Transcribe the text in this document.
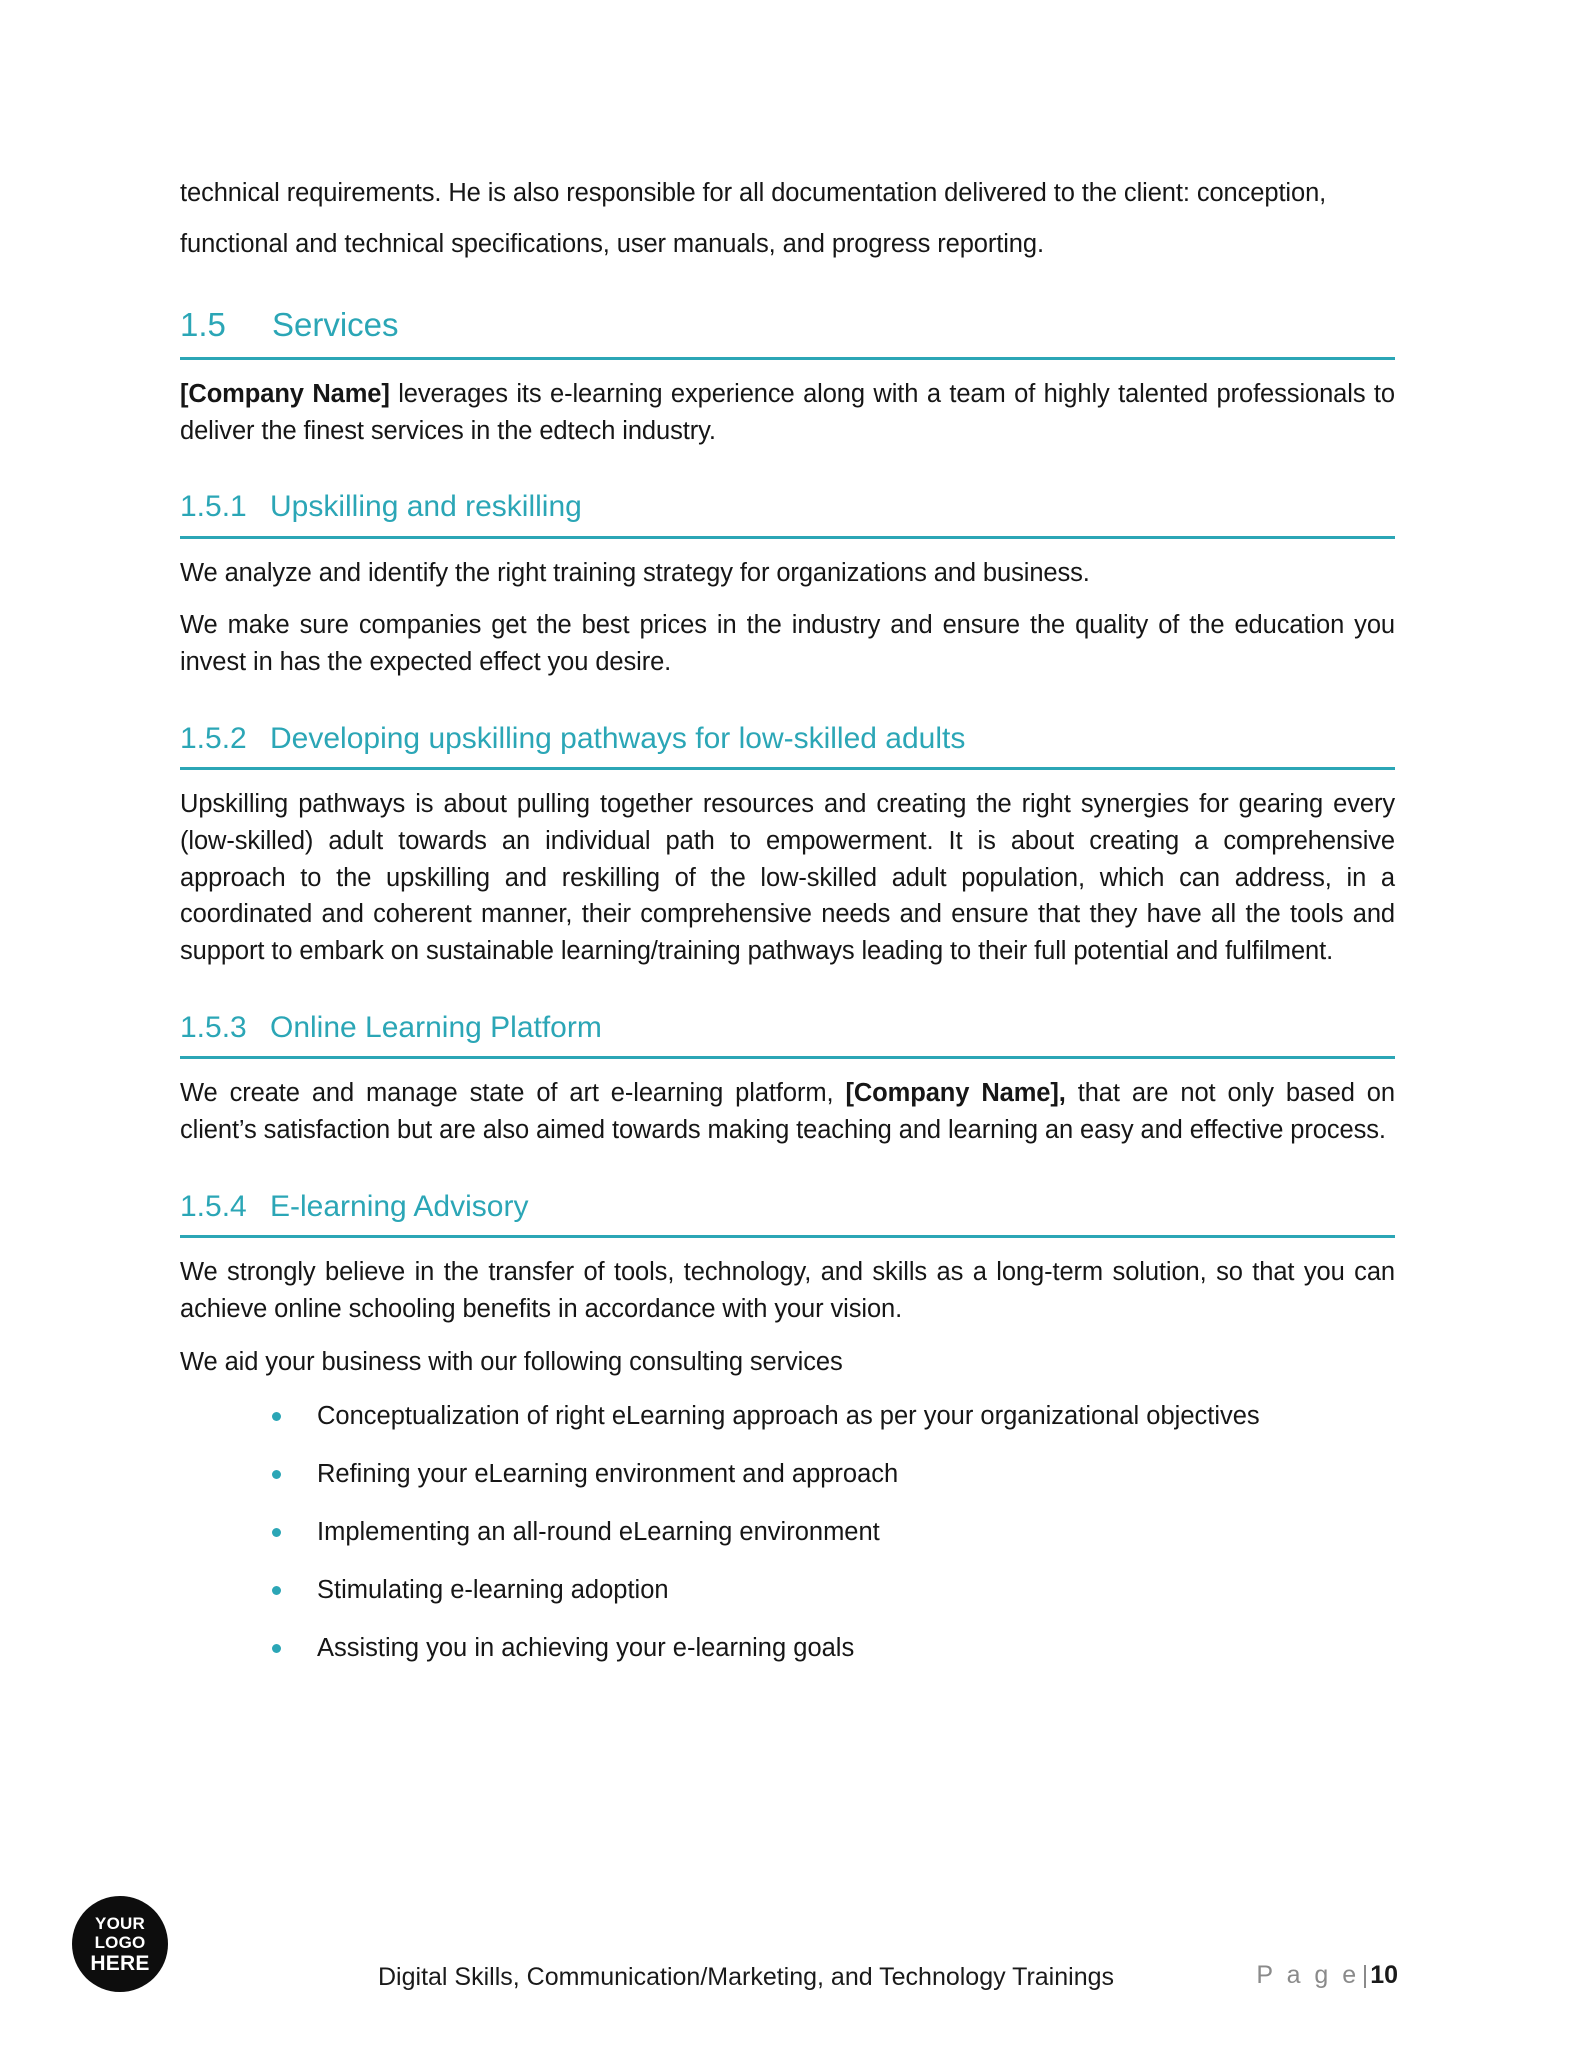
technical requirements. He is also responsible for all documentation delivered to the client: conception, functional and technical specifications, user manuals, and progress reporting.

1.5 Services

[Company Name] leverages its e-learning experience along with a team of highly talented professionals to deliver the finest services in the edtech industry.

1.5.1 Upskilling and reskilling

We analyze and identify the right training strategy for organizations and business.

We make sure companies get the best prices in the industry and ensure the quality of the education you invest in has the expected effect you desire.

1.5.2 Developing upskilling pathways for low-skilled adults

Upskilling pathways is about pulling together resources and creating the right synergies for gearing every (low-skilled) adult towards an individual path to empowerment. It is about creating a comprehensive approach to the upskilling and reskilling of the low-skilled adult population, which can address, in a coordinated and coherent manner, their comprehensive needs and ensure that they have all the tools and support to embark on sustainable learning/training pathways leading to their full potential and fulfilment.

1.5.3 Online Learning Platform

We create and manage state of art e-learning platform, [Company Name], that are not only based on client’s satisfaction but are also aimed towards making teaching and learning an easy and effective process.

1.5.4 E-learning Advisory

We strongly believe in the transfer of tools, technology, and skills as a long-term solution, so that you can achieve online schooling benefits in accordance with your vision.

We aid your business with our following consulting services

Conceptualization of right eLearning approach as per your organizational objectives
Refining your eLearning environment and approach
Implementing an all-round eLearning environment
Stimulating e-learning adoption
Assisting you in achieving your e-learning goals
YOUR
LOGO
HERE	Digital Skills, Communication/Marketing, and Technology Trainings	P a g e|10
